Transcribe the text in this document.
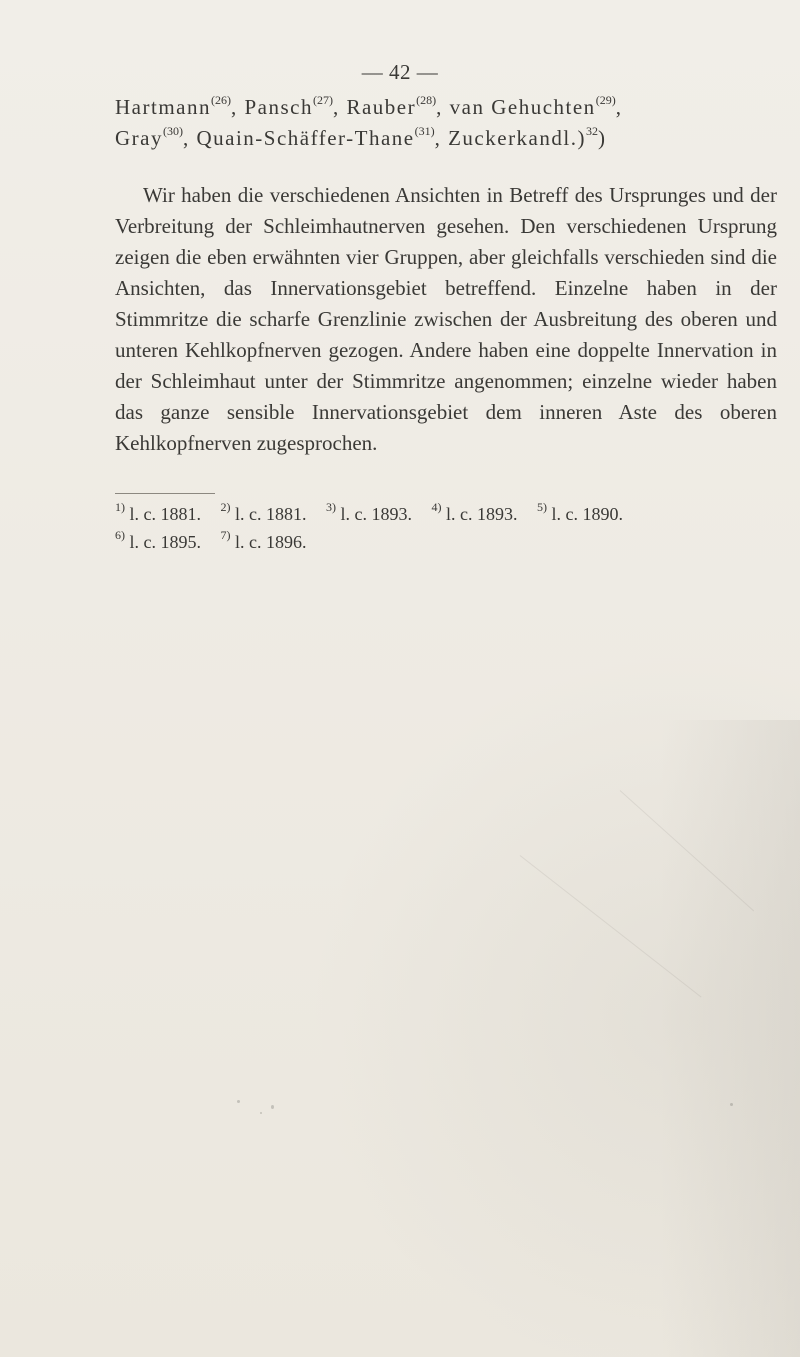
— 42 —
Hartmann$^{(26)}$, Pansch$^{(27)}$, Rauber$^{(28)}$, van Gehuchten$^{(29)}$,
Gray$^{(30)}$, Quain-Schäffer-Thane$^{(31)}$, Zuckerkandl.)$^{32}$)

Wir haben die verschiedenen Ansichten in Betreff des Ursprunges und der Verbreitung der Schleimhautnerven gesehen. Den verschiedenen Ursprung zeigen die eben erwähnten vier Gruppen, aber gleichfalls verschieden sind die Ansichten, das Innervationsgebiet betreffend. Einzelne haben in der Stimmritze die scharfe Grenzlinie zwischen der Ausbreitung des oberen und unteren Kehlkopfnerven gezogen. Andere haben eine doppelte Innervation in der Schleimhaut unter der Stimmritze angenommen; einzelne wieder haben das ganze sensible Innervationsgebiet dem inneren Aste des oberen Kehlkopfnerven zugesprochen.

$^{1)}$ l. c. 1881. $^{2)}$ l. c. 1881. $^{3)}$ l. c. 1893. $^{4)}$ l. c. 1893. $^{5)}$ l. c. 1890.
$^{6)}$ l. c. 1895. $^{7)}$ l. c. 1896.
